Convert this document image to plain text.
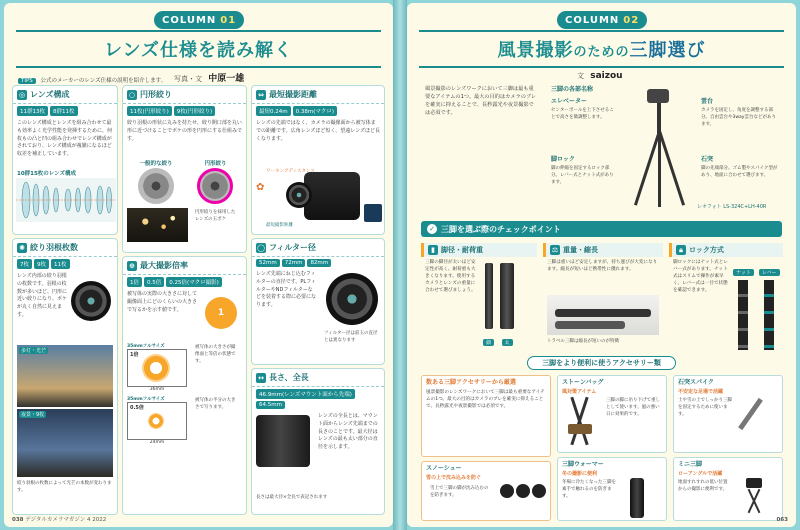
COLUMN 01
レンズ仕様を読み解く
写真・文 中原一雄
TIPS 公式のメーカーのレンズ仕様の説明を紹介します。
◎ レンズ構成
11群13枚	8群11枚
このレンズ構成とレンズを組み合わせて最も効率よく光学性能を発揮するために、何枚もの凸と凹の組み合わせでレンズ構成がされており、レンズ構成が複雑になるほど収差を補正しています。
10群15枚のレンズ構成
✺ 絞り羽根枚数
7枚	9枚	11枚
レンズ内部の絞り羽根の枚数です。羽根の枚数が多いほど、円形に近い絞りになり、ボケが丸く自然に見えます。
多灯・光芒
夜景・9枚
絞り羽根の枚数によって光芒の本数が変わります。
○ 円形絞り
11枚(円形絞り)	9枚(円形絞り)
絞り羽根の形状に丸みを持たせ、絞り開口部を丸い形に近づけることでボケの形を円形にする仕組みです。
一般的な絞り	円形絞り
円形絞りを採用したレンズの玉ボケ
⊕ 最大撮影倍率
1倍	0.5倍	0.25倍(マクロ撮影)
被写体の実際の大きさに対して撮像面上にどのくらいの大きさで写るかを示す値です。	1
35mmフルサイズ
1倍
36mm
被写体の大きさが撮像面と等倍の状態です。
35mmフルサイズ
0.5倍
24mm
被写体の半分の大きさで写ります。
⇔ 最短撮影距離
最短0.24m	0.38m(マクロ)
レンズの先端ではなく、カメラの撮像面から被写体までの距離です。広角レンズほど短く、望遠レンズほど長くなります。
✿
ワーキングディスタンス
最短撮影距離
◯ フィルター径
52mm	72mm	82mm
レンズ先端にねじ込むフィルターの直径です。PLフィルターやNDフィルターなどを装着する際に必要になります。
フィルター径は前玉の直径とは異なります
↔ 長さ、全長
46.9mm(レンズマウント面から先端)
64.5mm
レンズの全長とは、マウント面からレンズ先端までの長さのことです。最大径はレンズの最も太い部分の直径を示します。
長さは最大径×全長で表記されます
038 デジタルカメラマガジン 4 2022
COLUMN 02
風景撮影のための三脚選び
文 saizou
風景撮影のレンズワークにおいて三脚は最も重要なアイテムの1つ。最大の目的はカメラのブレを確実に抑えることで、長秒露光や夜景撮影では必須です。
三脚の各部名称
エレベーター
センターポールを上下させることで高さを微調整します。
脚ロック
脚の伸縮を固定するロック部分。レバー式とナット式があります。
雲台
カメラを固定し、角度を調整する部分。自由雲台や3way雲台などがあります。
石突
脚の先端部分。ゴム製やスパイク型があり、地面に合わせて選びます。
レオフォト LS-324C+LH-40R
✓ 三脚を選ぶ際のチェックポイント
▮ 脚径・耐荷重
三脚の脚径が太いほど安定性が高く、耐荷重も大きくなります。使用するカメラとレンズの重量に合わせて選びましょう。
細	太
⚖ 重量・縮長
三脚は重いほど安定しますが、持ち運びが大変になります。縮長が短いほど携帯性に優れます。
トラベル三脚は縮長が短いのが特徴
🔒︎ ロック方式
脚ロックにはナット式とレバー式があります。ナット式はスリムで操作が素早く、レバー式は一目で状態を確認できます。
ナット	レバー
三脚をより便利に使うアクセサリー類
数ある三脚アクセサリーから厳選
風景撮影のレンズワークにおいて三脚は最も重要なアイテムの1つ。最大の目的はカメラのブレを確実に抑えることで、長秒露光や夜景撮影では必須です。
スノーシュー
雪の上で沈み込みを防ぐ
雪上で三脚の脚が沈み込むのを防ぎます。
ストーンバッグ
風対策アイテム
三脚の脚に吊り下げて重しとして使います。風の強い日に効果的です。
三脚ウォーマー
冬の撮影に便利
冬場に冷たくなった三脚を素手で触れるのを防ぎます。
石突スパイク
不安定な足場で活躍
土や雪の上でしっかり三脚を固定するために使います。
ミニ三脚
ローアングルで活躍
地面すれすれの低い位置からの撮影に便利です。
063
